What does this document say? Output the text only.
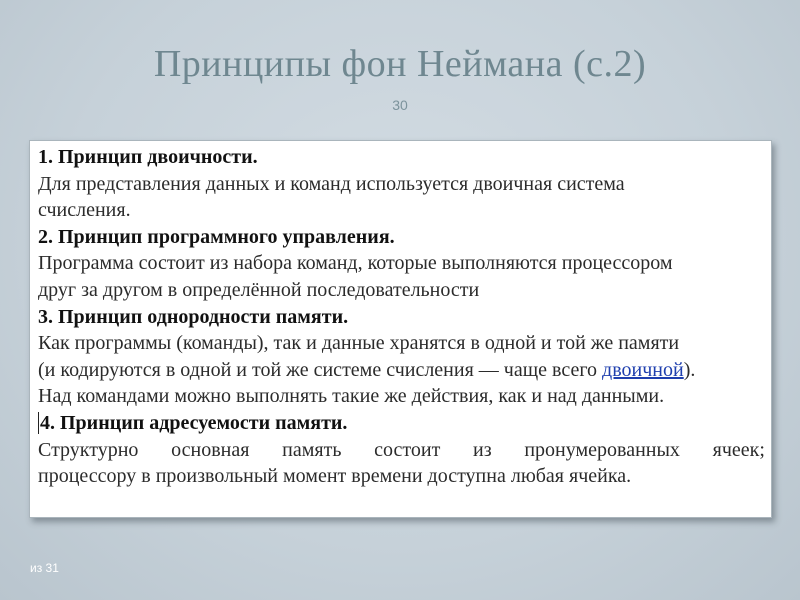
Принципы фон Неймана (с.2)
30
1. Принцип двоичности.
Для представления данных и команд используется двоичная система
счисления.
2. Принцип программного управления.
Программа состоит из набора команд, которые выполняются процессором
друг за другом в определённой последовательности
3. Принцип однородности памяти.
Как программы (команды), так и данные хранятся в одной и той же памяти
(и кодируются в одной и той же системе счисления — чаще всего двоичной).
Над командами можно выполнять такие же действия, как и над данными.
4. Принцип адресуемости памяти.
Структурно основная память состоит из пронумерованных ячеек;
процессору в произвольный момент времени доступна любая ячейка.
из 31
